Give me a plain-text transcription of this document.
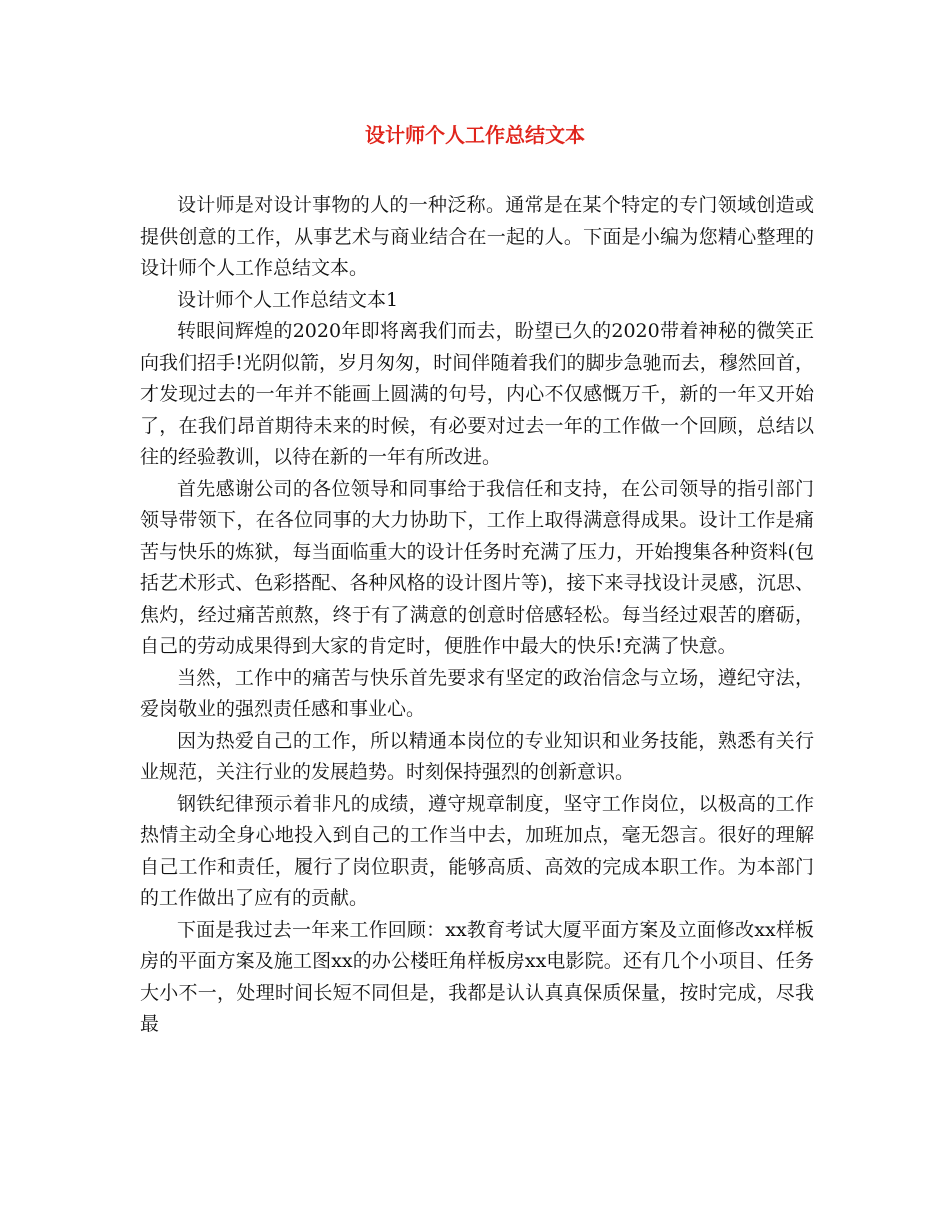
设计师个人工作总结文本

设计师是对设计事物的人的一种泛称。通常是在某个特定的专门领域创造或提供创意的工作，从事艺术与商业结合在一起的人。下面是小编为您精心整理的设计师个人工作总结文本。

设计师个人工作总结文本1

转眼间辉煌的2020年即将离我们而去，盼望已久的2020带着神秘的微笑正向我们招手!光阴似箭，岁月匆匆，时间伴随着我们的脚步急驰而去，穆然回首，才发现过去的一年并不能画上圆满的句号，内心不仅感慨万千，新的一年又开始了，在我们昂首期待未来的时候，有必要对过去一年的工作做一个回顾，总结以往的经验教训，以待在新的一年有所改进。

首先感谢公司的各位领导和同事给于我信任和支持，在公司领导的指引部门领导带领下，在各位同事的大力协助下，工作上取得满意得成果。设计工作是痛苦与快乐的炼狱，每当面临重大的设计任务时充满了压力，开始搜集各种资料(包括艺术形式、色彩搭配、各种风格的设计图片等)，接下来寻找设计灵感，沉思、焦灼，经过痛苦煎熬，终于有了满意的创意时倍感轻松。每当经过艰苦的磨砺，自己的劳动成果得到大家的肯定时，便胜作中最大的快乐!充满了快意。

当然，工作中的痛苦与快乐首先要求有坚定的政治信念与立场，遵纪守法，爱岗敬业的强烈责任感和事业心。

因为热爱自己的工作，所以精通本岗位的专业知识和业务技能，熟悉有关行业规范，关注行业的发展趋势。时刻保持强烈的创新意识。

钢铁纪律预示着非凡的成绩，遵守规章制度，坚守工作岗位，以极高的工作热情主动全身心地投入到自己的工作当中去，加班加点，毫无怨言。很好的理解自己工作和责任，履行了岗位职责，能够高质、高效的完成本职工作。为本部门的工作做出了应有的贡献。

下面是我过去一年来工作回顾：xx教育考试大厦平面方案及立面修改xx样板房的平面方案及施工图xx的办公楼旺角样板房xx电影院。还有几个小项目、任务大小不一，处理时间长短不同但是，我都是认认真真保质保量，按时完成，尽我最
